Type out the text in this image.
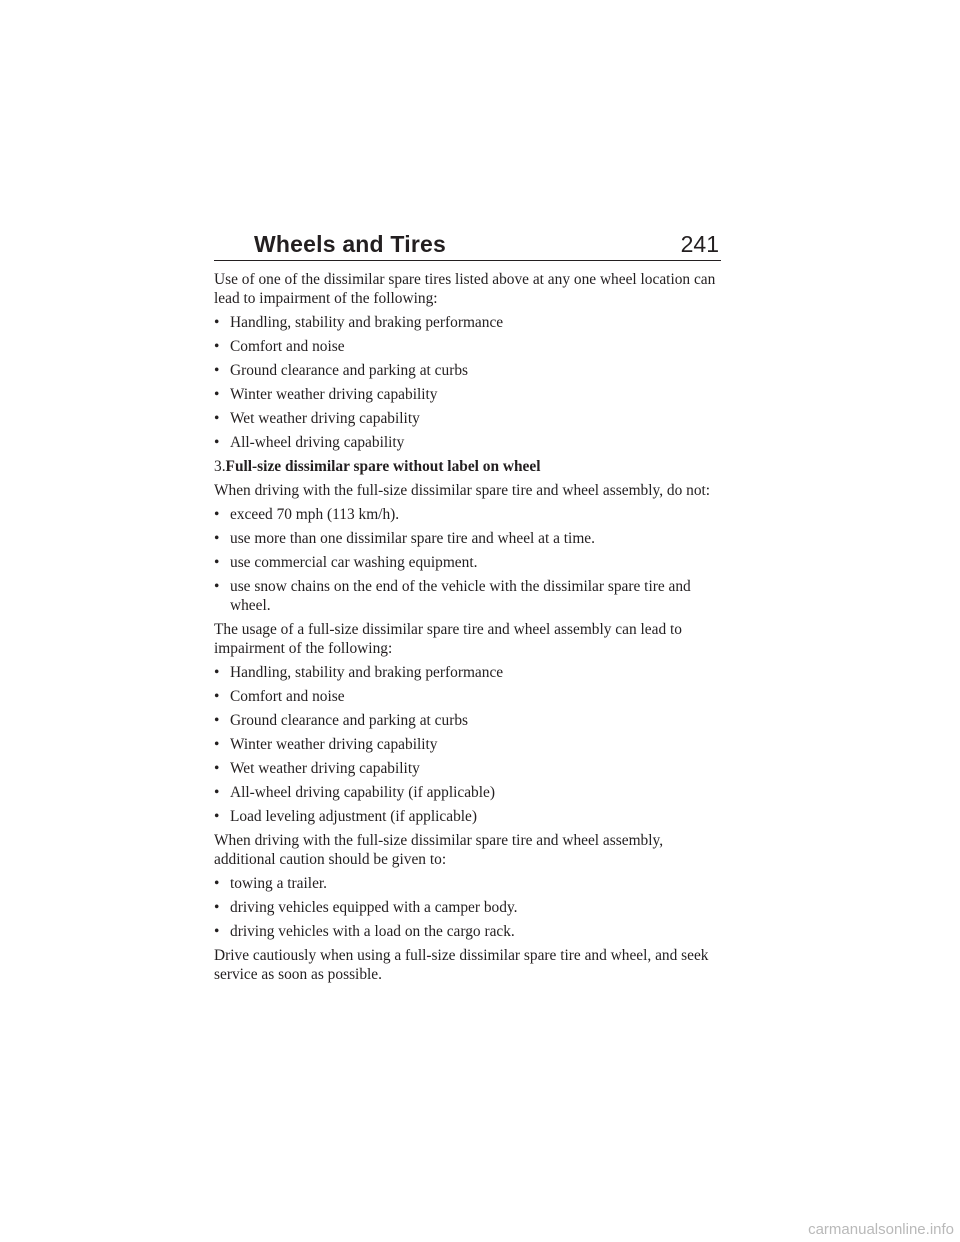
Wheels and Tires	241

Use of one of the dissimilar spare tires listed above at any one wheel location can lead to impairment of the following:

• Handling, stability and braking performance

• Comfort and noise

• Ground clearance and parking at curbs

• Winter weather driving capability

• Wet weather driving capability

• All-wheel driving capability

3.Full-size dissimilar spare without label on wheel

When driving with the full-size dissimilar spare tire and wheel assembly, do not:

• exceed 70 mph (113 km/h).

• use more than one dissimilar spare tire and wheel at a time.

• use commercial car washing equipment.

• use snow chains on the end of the vehicle with the dissimilar spare tire and wheel.

The usage of a full-size dissimilar spare tire and wheel assembly can lead to impairment of the following:

• Handling, stability and braking performance

• Comfort and noise

• Ground clearance and parking at curbs

• Winter weather driving capability

• Wet weather driving capability

• All-wheel driving capability (if applicable)

• Load leveling adjustment (if applicable)

When driving with the full-size dissimilar spare tire and wheel assembly, additional caution should be given to:

• towing a trailer.

• driving vehicles equipped with a camper body.

• driving vehicles with a load on the cargo rack.

Drive cautiously when using a full-size dissimilar spare tire and wheel, and seek service as soon as possible.

carmanualsonline.info
